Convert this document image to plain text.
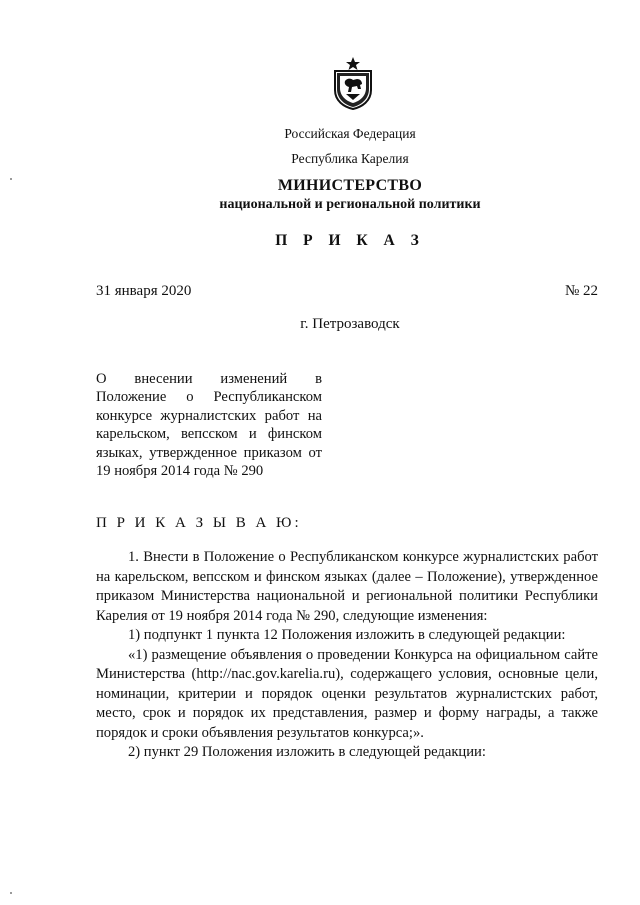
Российская Федерация
Республика Карелия
МИНИСТЕРСТВО
национальной и региональной политики
П Р И К А З
31 января 2020	№ 22
г. Петрозаводск

О внесении изменений в Положение о Республиканском конкурсе журналистских работ на карельском, вепсском и финском языках, утвержденное приказом от 19 ноября 2014 года № 290

П Р И К А З Ы В А Ю:

1. Внести в Положение о Республиканском конкурсе журналистских работ на карельском, вепсском и финском языках (далее – Положение), утвержденное приказом Министерства национальной и региональной политики Республики Карелия от 19 ноября 2014 года № 290, следующие изменения:

1) подпункт 1 пункта 12 Положения изложить в следующей редакции:

«1) размещение объявления о проведении Конкурса на официальном сайте Министерства (http://nac.gov.karelia.ru), содержащего условия, основные цели, номинации, критерии и порядок оценки результатов журналистских работ, место, срок и порядок их представления, размер и форму награды, а также порядок и сроки объявления результатов конкурса;».

2) пункт 29 Положения изложить в следующей редакции:
